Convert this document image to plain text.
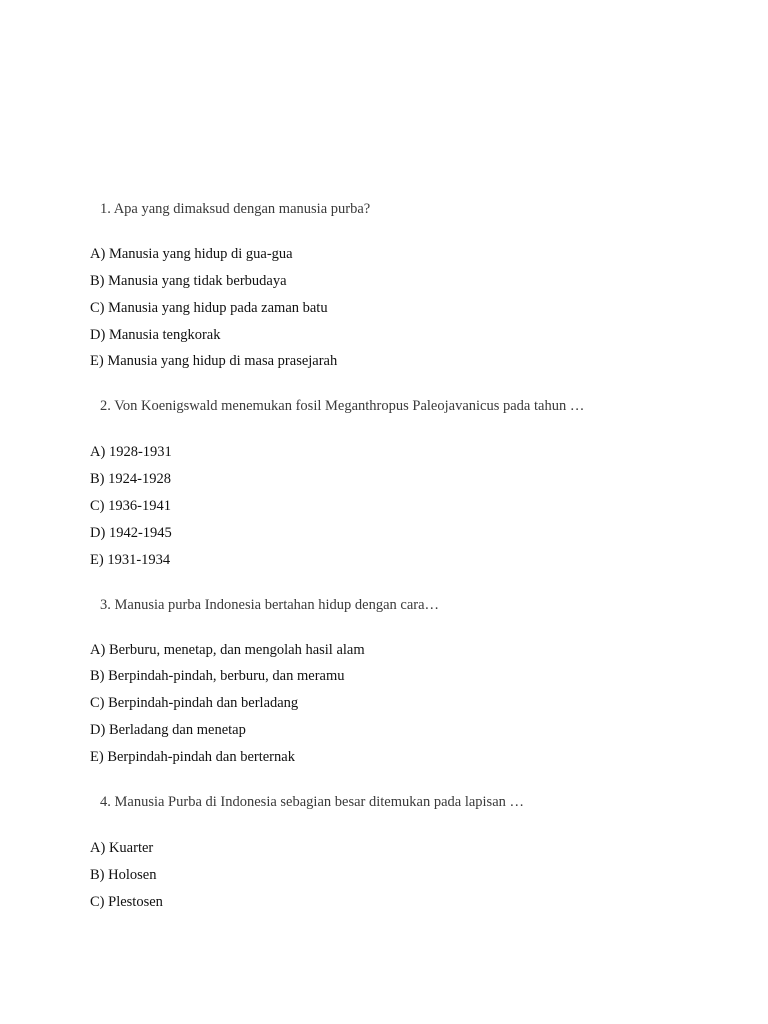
1 . Apa yang dimaksud dengan manusia purba?
A ) Manusia yang hidup di gua-gua
B ) Manusia yang tidak berbudaya
C ) Manusia yang hidup pada zaman batu
D ) Manusia tengkorak
E ) Manusia yang hidup di masa prasejarah
2 . Von Koenigswald menemukan fosil Meganthropus Paleojavanicus pada tahun …
A ) 1928-1931
B ) 1924-1928
C ) 1936-1941
D ) 1942-1945
E ) 1931-1934
3 . Manusia purba Indonesia bertahan hidup dengan cara…
A ) Berburu, menetap, dan mengolah hasil alam
B ) Berpindah-pindah, berburu, dan meramu
C ) Berpindah-pindah dan berladang
D ) Berladang dan menetap
E ) Berpindah-pindah dan berternak
4 . Manusia Purba di Indonesia sebagian besar ditemukan pada lapisan …
A ) Kuarter
B ) Holosen
C ) Plestosen
